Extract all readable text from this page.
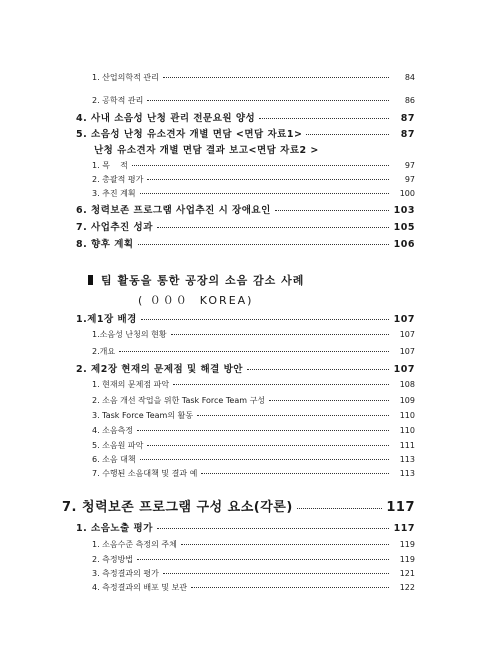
1. 산업의학적 관리	84
2. 공학적 관리	86
4. 사내 소음성 난청 관리 전문요원 양성	87
5. 소음성 난청 유소견자 개별 면담 <면담 자료1>	87
난청 유소견자 개별 면담 결과 보고<면담 자료2 >
1. 목    적	97
2. 총괄적 평가	97
3. 추진 계획	100
6. 청력보존 프로그램 사업추진 시 장애요인	103
7. 사업추진 성과	105
8. 향후 계획	106
팀 활동을 통한 공장의 소음 감소 사례
( ０００  KOREA)
1.제1장 배경	107
1.소음성 난청의 현황	107
2.개요	107
2. 제2장 현재의 문제점 및 해결 방안	107
1. 현재의 문제점 파악	108
2. 소음 개선 작업을 위한 Task Force Team 구성	109
3. Task Force Team의 활동	110
4. 소음측정	110
5. 소음원 파악	111
6. 소음 대책	113
7. 수행된 소음대책 및 결과 예	113
7. 청력보존 프로그램 구성 요소(각론)	117
1. 소음노출 평가	117
1. 소음수준 측정의 주체	119
2. 측정방법	119
3. 측정결과의 평가	121
4. 측정결과의 배포 및 보관	122
